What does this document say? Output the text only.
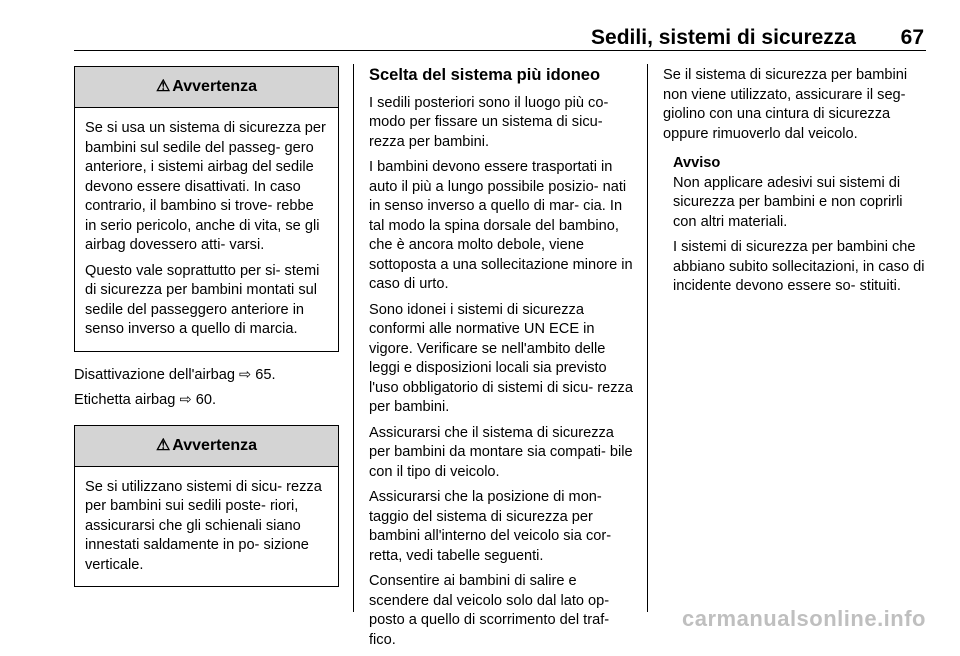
Sedili, sistemi di sicurezza 67
⚠ Avvertenza

Se si usa un sistema di sicurezza per bambini sul sedile del passeg- gero anteriore, i sistemi airbag del sedile devono essere disattivati. In caso contrario, il bambino si trove- rebbe in serio pericolo, anche di vita, se gli airbag dovessero atti- varsi.

Questo vale soprattutto per si- stemi di sicurezza per bambini montati sul sedile del passeggero anteriore in senso inverso a quello di marcia.

Disattivazione dell'airbag ⇨ 65.

Etichetta airbag ⇨ 60.

⚠ Avvertenza

Se si utilizzano sistemi di sicu- rezza per bambini sui sedili poste- riori, assicurarsi che gli schienali siano innestati saldamente in po- sizione verticale.

Scelta del sistema più idoneo

I sedili posteriori sono il luogo più co- modo per fissare un sistema di sicu- rezza per bambini.

I bambini devono essere trasportati in auto il più a lungo possibile posizio- nati in senso inverso a quello di mar- cia. In tal modo la spina dorsale del bambino, che è ancora molto debole, viene sottoposta a una sollecitazione minore in caso di urto.

Sono idonei i sistemi di sicurezza conformi alle normative UN ECE in vigore. Verificare se nell'ambito delle leggi e disposizioni locali sia previsto l'uso obbligatorio di sistemi di sicu- rezza per bambini.

Assicurarsi che il sistema di sicurezza per bambini da montare sia compati- bile con il tipo di veicolo.

Assicurarsi che la posizione di mon- taggio del sistema di sicurezza per bambini all'interno del veicolo sia cor- retta, vedi tabelle seguenti.

Consentire ai bambini di salire e scendere dal veicolo solo dal lato op- posto a quello di scorrimento del traf- fico.

Se il sistema di sicurezza per bambini non viene utilizzato, assicurare il seg- giolino con una cintura di sicurezza oppure rimuoverlo dal veicolo.

Avviso

Non applicare adesivi sui sistemi di sicurezza per bambini e non coprirli con altri materiali.

I sistemi di sicurezza per bambini che abbiano subito sollecitazioni, in caso di incidente devono essere so- stituiti.

carmanualsonline.info
